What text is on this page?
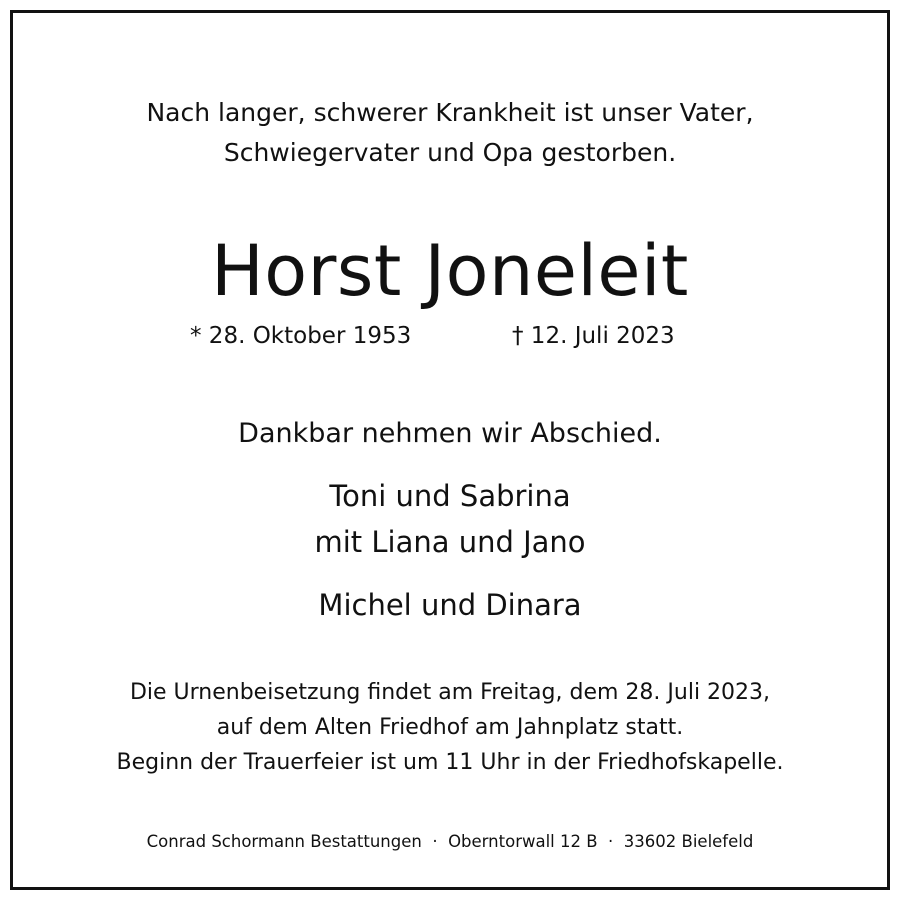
Nach langer, schwerer Krankheit ist unser Vater,
Schwiegervater und Opa gestorben.
Horst Joneleit
* 28. Oktober 1953	† 12. Juli 2023
Dankbar nehmen wir Abschied.
Toni und Sabrina
mit Liana und Jano
Michel und Dinara
Die Urnenbeisetzung findet am Freitag, dem 28. Juli 2023,
auf dem Alten Friedhof am Jahnplatz statt.
Beginn der Trauerfeier ist um 11 Uhr in der Friedhofskapelle.
Conrad Schormann Bestattungen  ·  Oberntorwall 12 B  ·  33602 Bielefeld
